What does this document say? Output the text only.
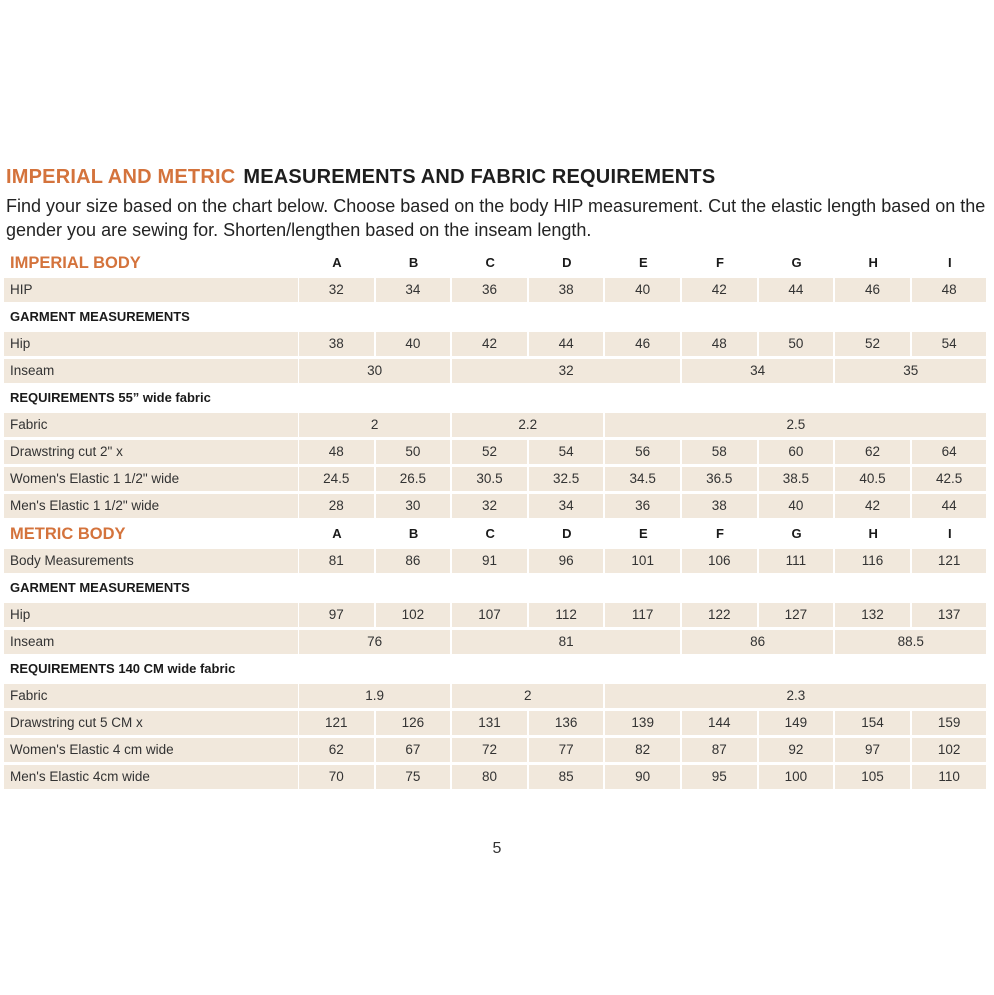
IMPERIAL AND METRIC MEASUREMENTS AND FABRIC REQUIREMENTS
Find your size based on the chart below. Choose based on the body HIP measurement. Cut the elastic length based on the gender you are sewing for. Shorten/lengthen based on the inseam length.
IMPERIAL BODY	A	B	C	D	E	F	G	H	I
HIP	32	34	36	38	40	42	44	46	48
GARMENT MEASUREMENTS
Hip	38	40	42	44	46	48	50	52	54
Inseam	30	32	34	35
REQUIREMENTS 55” wide fabric
Fabric	2	2.2	2.5
Drawstring cut 2" x	48	50	52	54	56	58	60	62	64
Women's Elastic 1 1/2" wide	24.5	26.5	30.5	32.5	34.5	36.5	38.5	40.5	42.5
Men's Elastic 1 1/2" wide	28	30	32	34	36	38	40	42	44
METRIC BODY	A	B	C	D	E	F	G	H	I
Body Measurements	81	86	91	96	101	106	111	116	121
GARMENT MEASUREMENTS
Hip	97	102	107	112	117	122	127	132	137
Inseam	76	81	86	88.5
REQUIREMENTS 140 CM wide fabric
Fabric	1.9	2	2.3
Drawstring cut 5 CM x	121	126	131	136	139	144	149	154	159
Women's Elastic 4 cm wide	62	67	72	77	82	87	92	97	102
Men's Elastic 4cm wide	70	75	80	85	90	95	100	105	110
5
